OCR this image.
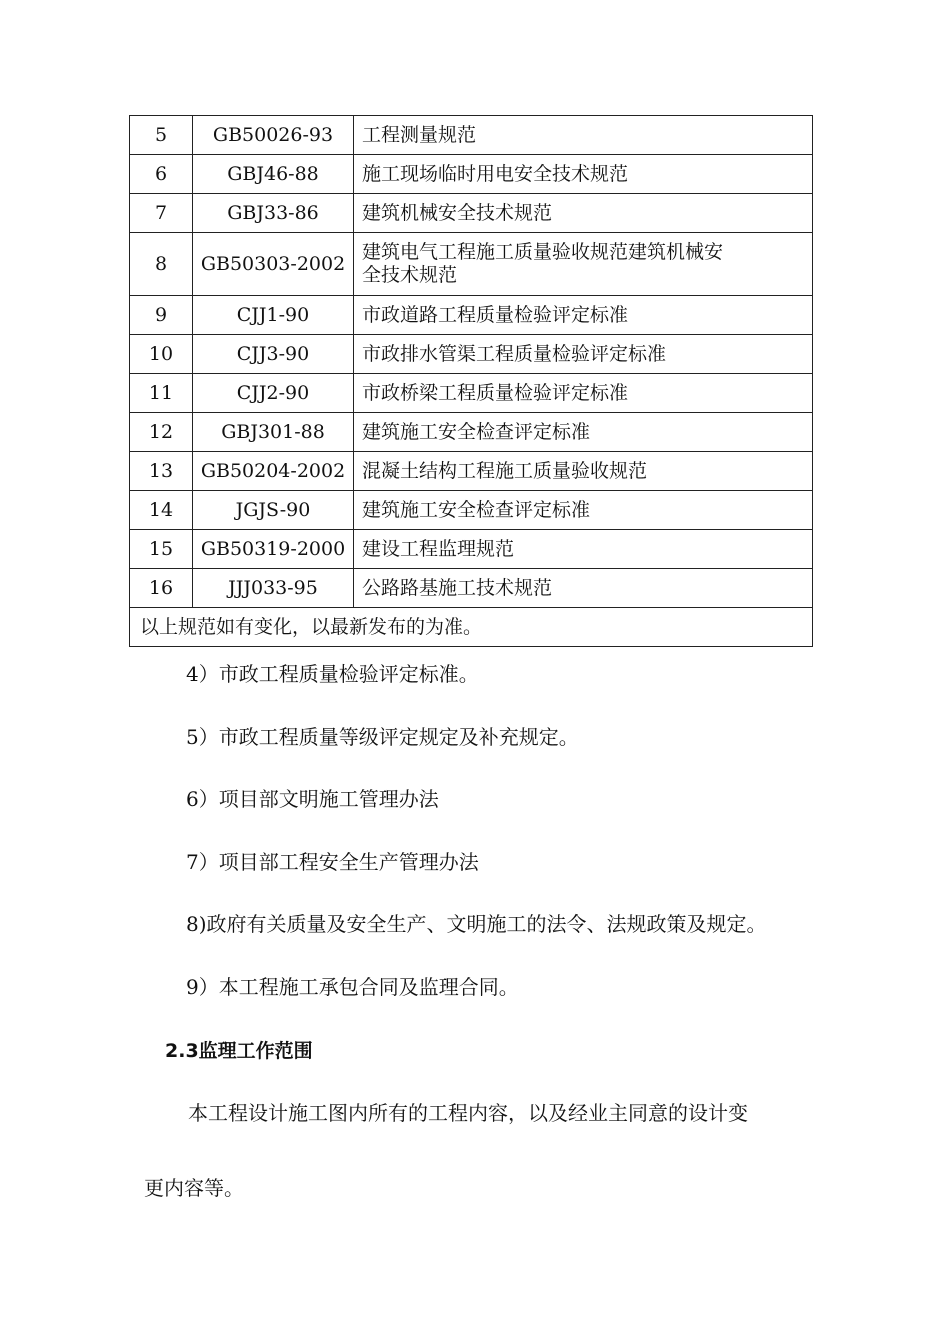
5	GB50026-93	工程测量规范
6	GBJ46-88	施工现场临时用电安全技术规范
7	GBJ33-86	建筑机械安全技术规范
8	GB50303-2002	建筑电气工程施工质量验收规范建筑机械安
全技术规范

9	CJJ1-90	市政道路工程质量检验评定标准
10	CJJ3-90	市政排水管渠工程质量检验评定标准
11	CJJ2-90	市政桥梁工程质量检验评定标准
12	GBJ301-88	建筑施工安全检查评定标准
13	GB50204-2002	混凝土结构工程施工质量验收规范
14	JGJS-90	建筑施工安全检查评定标准
15	GB50319-2000	建设工程监理规范
16	JJJ033-95	公路路基施工技术规范
以上规范如有变化，以最新发布的为准。		
4）市政工程质量检验评定标准。
5）市政工程质量等级评定规定及补充规定。
6）项目部文明施工管理办法
7）项目部工程安全生产管理办法
8)政府有关质量及安全生产、文明施工的法令、法规政策及规定。
9）本工程施工承包合同及监理合同。
2.3监理工作范围
本工程设计施工图内所有的工程内容，以及经业主同意的设计变
更内容等。
